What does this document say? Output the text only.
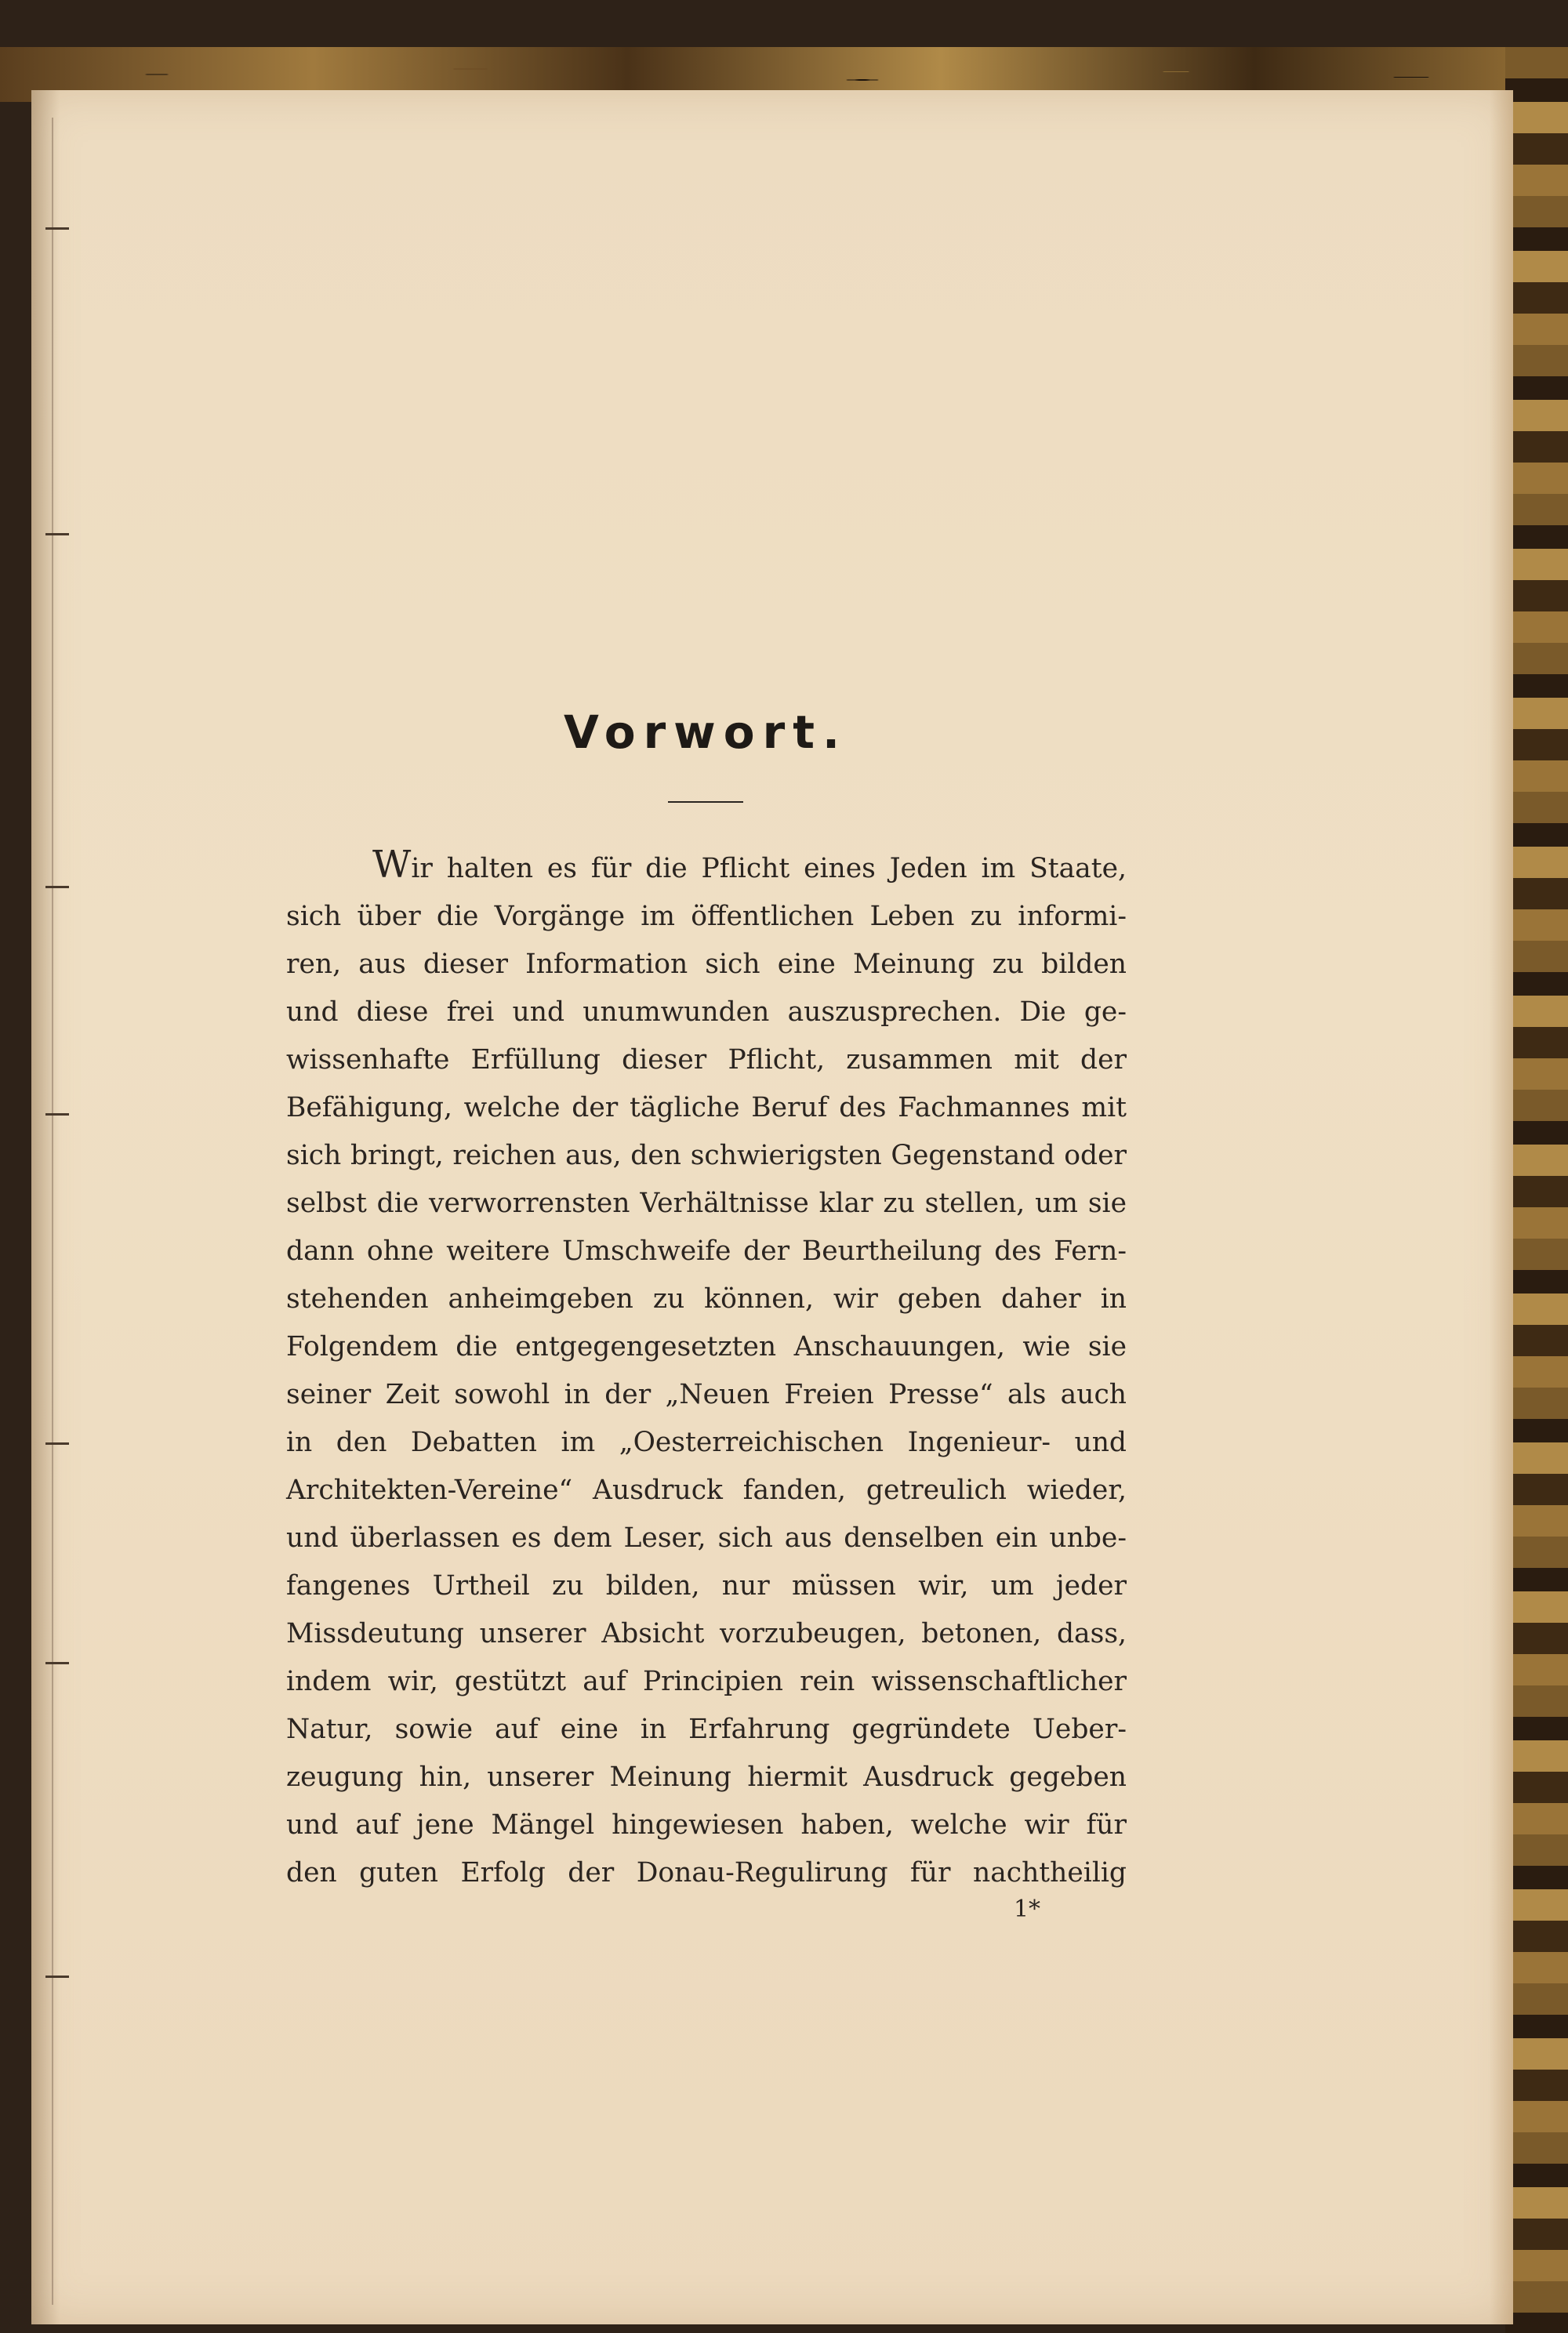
Vorwort.

Wir halten es für die Pflicht eines Jeden im Staate,
sich über die Vorgänge im öffentlichen Leben zu informi-
ren, aus dieser Information sich eine Meinung zu bilden
und diese frei und unumwunden auszusprechen. Die ge-
wissenhafte Erfüllung dieser Pflicht, zusammen mit der
Befähigung, welche der tägliche Beruf des Fachmannes mit
sich bringt, reichen aus, den schwierigsten Gegenstand oder
selbst die verworrensten Verhältnisse klar zu stellen, um sie
dann ohne weitere Umschweife der Beurtheilung des Fern-
stehenden anheimgeben zu können, wir geben daher in
Folgendem die entgegengesetzten Anschauungen, wie sie
seiner Zeit sowohl in der „Neuen Freien Presse“ als auch
in den Debatten im „Oesterreichischen Ingenieur- und
Architekten-Vereine“ Ausdruck fanden, getreulich wieder,
und überlassen es dem Leser, sich aus denselben ein unbe-
fangenes Urtheil zu bilden, nur müssen wir, um jeder
Missdeutung unserer Absicht vorzubeugen, betonen, dass,
indem wir, gestützt auf Principien rein wissenschaftlicher
Natur, sowie auf eine in Erfahrung gegründete Ueber-
zeugung hin, unserer Meinung hiermit Ausdruck gegeben
und auf jene Mängel hingewiesen haben, welche wir für
den guten Erfolg der Donau-Regulirung für nachtheilig

1*
